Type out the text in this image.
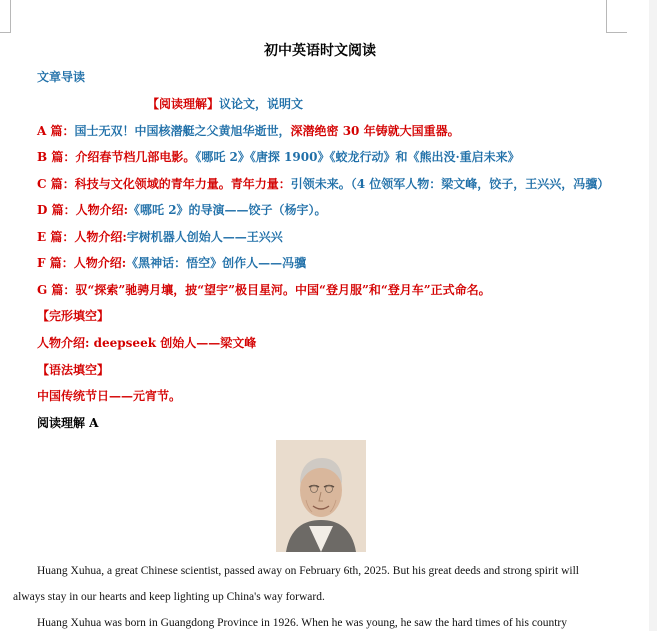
初中英语时文阅读
文章导读
【阅读理解】议论文，说明文
A 篇：国士无双！中国核潜艇之父黄旭华逝世，深潜绝密 30 年铸就大国重器。
B 篇：介绍春节档几部电影。《哪吒 2》《唐探 1900》《蛟龙行动》和《熊出没·重启未来》
C 篇：科技与文化领域的青年力量。青年力量：引领未来。（4 位领军人物：梁文峰，饺子，王兴兴，冯骥）
D 篇：人物介绍:《哪吒 2》的导演——饺子（杨宇）。
E 篇：人物介绍:宇树机器人创始人——王兴兴
F 篇：人物介绍:《黑神话：悟空》创作人——冯骥
G 篇：驭“探索”驰骋月壤，披“望宇”极目星河。中国“登月服”和“登月车”正式命名。
【完形填空】
人物介绍: deepseek 创始人——梁文峰
【语法填空】
中国传统节日——元宵节。
阅读理解 A
Huang Xuhua, a great Chinese scientist, passed away on February 6th, 2025. But his great deeds and strong spirit will
always stay in our hearts and keep lighting up China's way forward.
Huang Xuhua was born in Guangdong Province in 1926. When he was young, he saw the hard times of his country
